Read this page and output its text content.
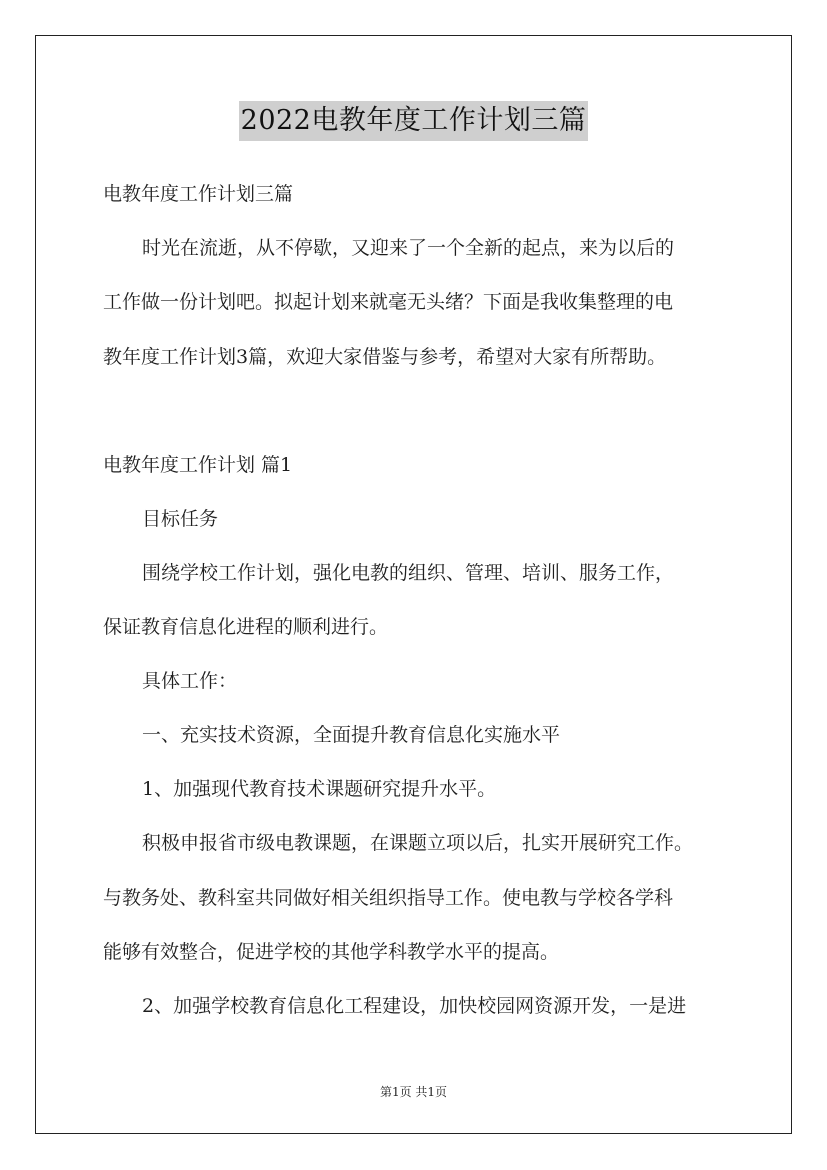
2022电教年度工作计划三篇
电教年度工作计划三篇
时光在流逝，从不停歇，又迎来了一个全新的起点，来为以后的
工作做一份计划吧。拟起计划来就毫无头绪？下面是我收集整理的电
教年度工作计划3篇，欢迎大家借鉴与参考，希望对大家有所帮助。
电教年度工作计划 篇1
目标任务
围绕学校工作计划，强化电教的组织、管理、培训、服务工作，
保证教育信息化进程的顺利进行。
具体工作：
一、充实技术资源，全面提升教育信息化实施水平
1、加强现代教育技术课题研究提升水平。
积极申报省市级电教课题，在课题立项以后，扎实开展研究工作。
与教务处、教科室共同做好相关组织指导工作。使电教与学校各学科
能够有效整合，促进学校的其他学科教学水平的提高。
2、加强学校教育信息化工程建设，加快校园网资源开发，一是进
第1页 共1页
